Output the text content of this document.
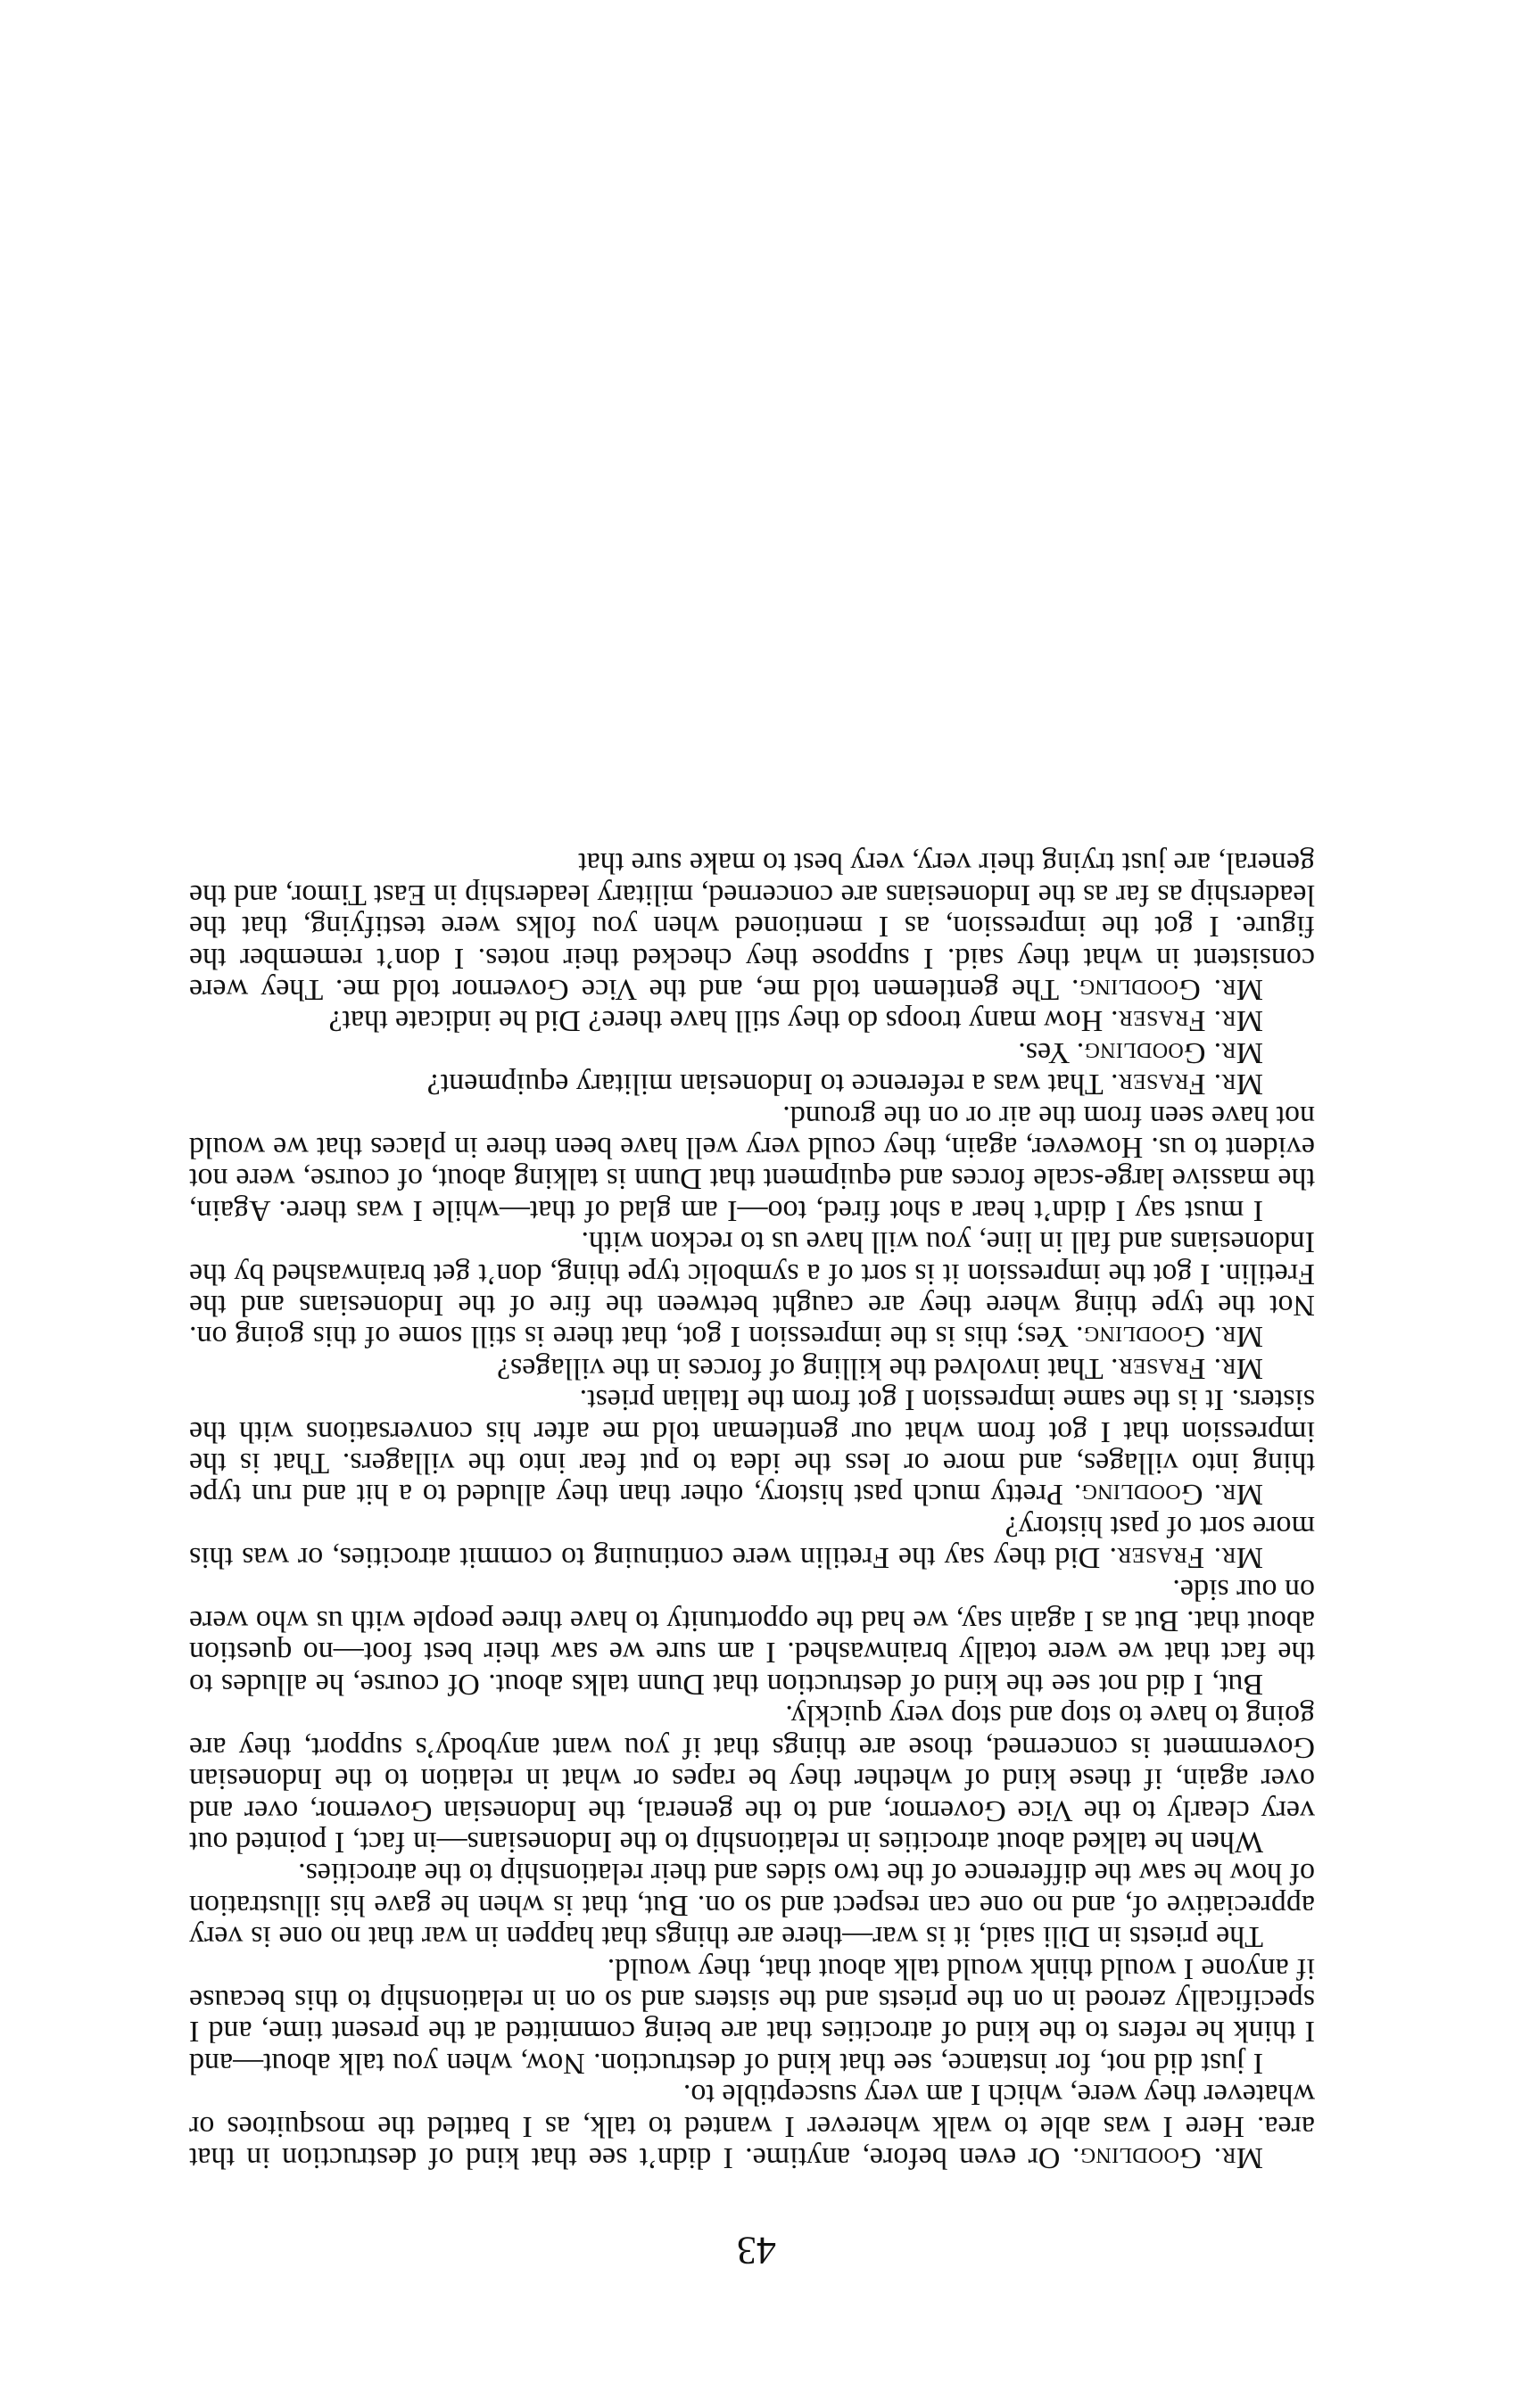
43

Mr. Goodling. Or even before, anytime. I didn’t see that kind of destruction in that area. Here I was able to walk wherever I wanted to talk, as I battled the mosquitoes or whatever they were, which I am very susceptible to.

I just did not, for instance, see that kind of destruction. Now, when you talk about—and I think he refers to the kind of atrocities that are being committed at the present time, and I specifically zeroed in on the priests and the sisters and so on in relationship to this because if anyone I would think would talk about that, they would.

The priests in Dili said, it is war—there are things that happen in war that no one is very appreciative of, and no one can respect and so on. But, that is when he gave his illustration of how he saw the difference of the two sides and their relationship to the atrocities.

When he talked about atrocities in relationship to the Indonesians—in fact, I pointed out very clearly to the Vice Governor, and to the general, the Indonesian Governor, over and over again, if these kind of whether they be rapes or what in relation to the Indonesian Government is concerned, those are things that if you want anybody’s support, they are going to have to stop and stop very quickly.

But, I did not see the kind of destruction that Dunn talks about. Of course, he alludes to the fact that we were totally brainwashed. I am sure we saw their best foot—no question about that. But as I again say, we had the opportunity to have three people with us who were on our side.

Mr. Fraser. Did they say the Fretilin were continuing to commit atrocities, or was this more sort of past history?

Mr. Goodling. Pretty much past history, other than they alluded to a hit and run type thing into villages, and more or less the idea to put fear into the villagers. That is the impression that I got from what our gentleman told me after his conversations with the sisters. It is the same impression I got from the Italian priest.

Mr. Fraser. That involved the killing of forces in the villages?

Mr. Goodling. Yes; this is the impression I got, that there is still some of this going on. Not the type thing where they are caught between the fire of the Indonesians and the Fretilin. I got the impression it is sort of a symbolic type thing, don’t get brainwashed by the Indonesians and fall in line, you will have us to reckon with.

I must say I didn’t hear a shot fired, too—I am glad of that—while I was there. Again, the massive large-scale forces and equipment that Dunn is talking about, of course, were not evident to us. However, again, they could very well have been there in places that we would not have seen from the air or on the ground.

Mr. Fraser. That was a reference to Indonesian military equipment?

Mr. Goodling. Yes.

Mr. Fraser. How many troops do they still have there? Did he indicate that?

Mr. Goodling. The gentlemen told me, and the Vice Governor told me. They were consistent in what they said. I suppose they checked their notes. I don’t remember the figure. I got the impression, as I mentioned when you folks were testifying, that the leadership as far as the Indonesians are concerned, military leadership in East Timor, and the general, are just trying their very, very best to make sure that
